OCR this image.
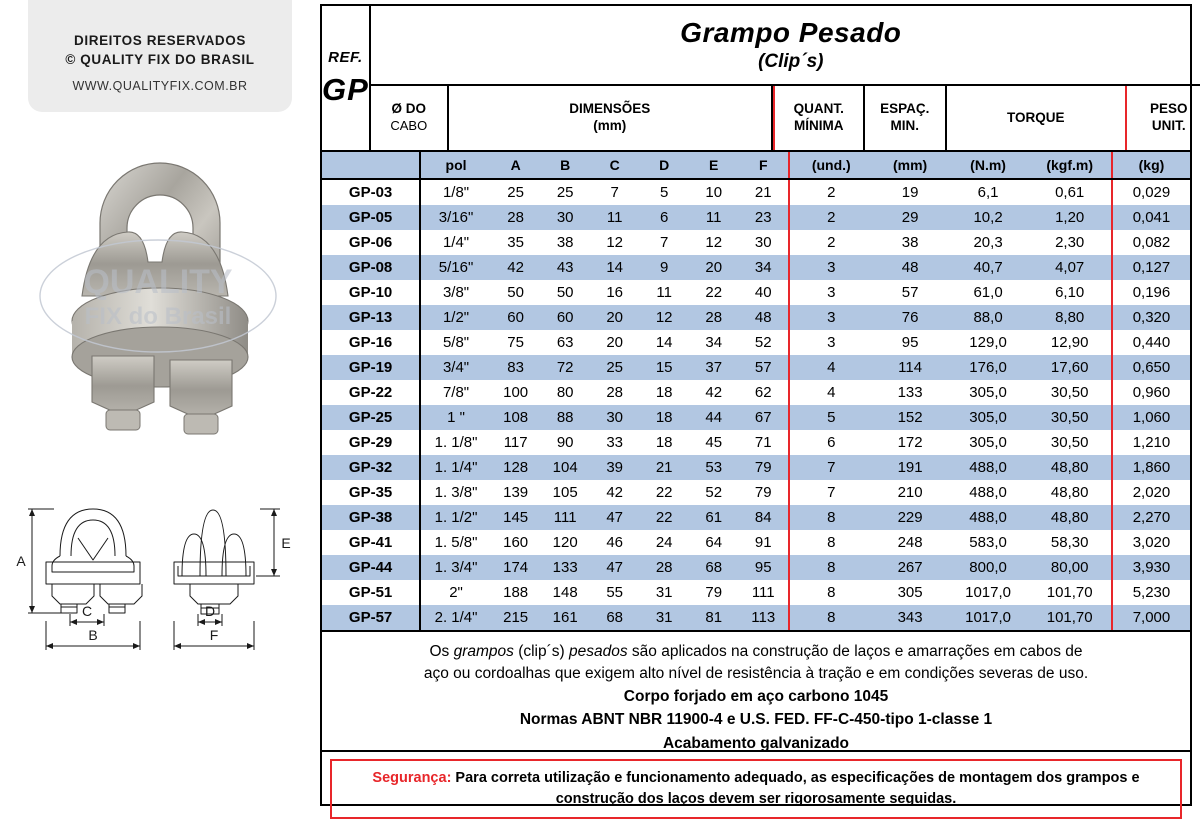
DIREITOS RESERVADOS
© QUALITY FIX DO BRASIL
WWW.QUALITYFIX.COM.BR
QUALITY
FIX do Brasil
A
B
C	D
E
F
REF.
GP
Grampo Pesado
(Clip´s)
Ø DO
CABO
DIMENSÕES
(mm)
QUANT.
MÍNIMA
ESPAÇ.
MIN.
TORQUE
PESO
UNIT.
pol	A	B	C	D	E	F	(und.)	(mm)	(N.m)	(kgf.m)	(kg)
GP-03	1/8"	25	25	7	5	10	21	2	19	6,1	0,61	0,029
GP-05	3/16"	28	30	11	6	11	23	2	29	10,2	1,20	0,041
GP-06	1/4"	35	38	12	7	12	30	2	38	20,3	2,30	0,082
GP-08	5/16"	42	43	14	9	20	34	3	48	40,7	4,07	0,127
GP-10	3/8"	50	50	16	11	22	40	3	57	61,0	6,10	0,196
GP-13	1/2"	60	60	20	12	28	48	3	76	88,0	8,80	0,320
GP-16	5/8"	75	63	20	14	34	52	3	95	129,0	12,90	0,440
GP-19	3/4"	83	72	25	15	37	57	4	114	176,0	17,60	0,650
GP-22	7/8"	100	80	28	18	42	62	4	133	305,0	30,50	0,960
GP-25	1 "	108	88	30	18	44	67	5	152	305,0	30,50	1,060
GP-29	1. 1/8"	117	90	33	18	45	71	6	172	305,0	30,50	1,210
GP-32	1. 1/4"	128	104	39	21	53	79	7	191	488,0	48,80	1,860
GP-35	1. 3/8"	139	105	42	22	52	79	7	210	488,0	48,80	2,020
GP-38	1. 1/2"	145	111	47	22	61	84	8	229	488,0	48,80	2,270
GP-41	1. 5/8"	160	120	46	24	64	91	8	248	583,0	58,30	3,020
GP-44	1. 3/4"	174	133	47	28	68	95	8	267	800,0	80,00	3,930
GP-51	2"	188	148	55	31	79	111	8	305	1017,0	101,70	5,230
GP-57	2. 1/4"	215	161	68	31	81	113	8	343	1017,0	101,70	7,000
Os grampos (clip´s) pesados são aplicados na construção de laços e amarrações em cabos de
aço ou cordoalhas que exigem alto nível de resistência à tração e em condições severas de uso.
Corpo forjado em aço carbono 1045
Normas ABNT NBR 11900-4 e U.S. FED. FF-C-450-tipo 1-classe 1
Acabamento galvanizado
Segurança: Para correta utilização e funcionamento adequado, as especificações de montagem dos grampos e
construção dos laços devem ser rigorosamente seguidas.
